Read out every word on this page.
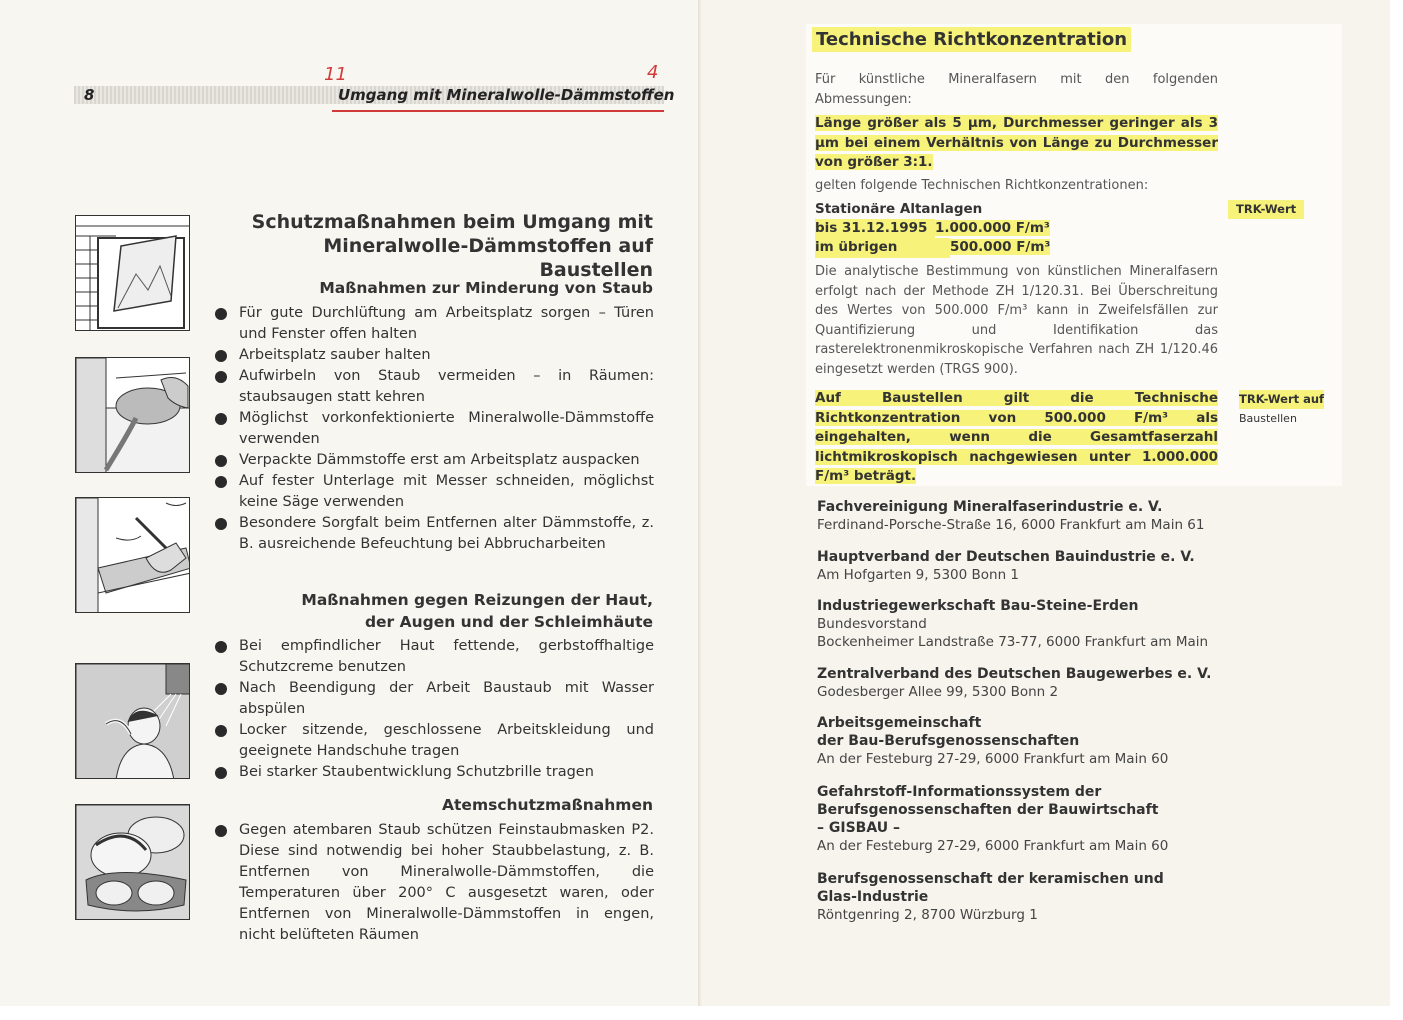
8	Umgang mit Mineralwolle-Dämmstoffen
11	4
Schutzmaßnahmen beim Umgang mit
Mineralwolle-Dämmstoffen auf Baustellen
Maßnahmen zur Minderung von Staub
Für gute Durchlüftung am Arbeitsplatz sorgen – Türen und Fenster offen halten
Arbeitsplatz sauber halten
Aufwirbeln von Staub vermeiden – in Räumen: staubsaugen statt kehren
Möglichst vorkonfektionierte Mineralwolle-Dämmstoffe verwenden
Verpackte Dämmstoffe erst am Arbeitsplatz auspacken
Auf fester Unterlage mit Messer schneiden, möglichst keine Säge verwenden
Besondere Sorgfalt beim Entfernen alter Dämmstoffe, z. B. ausreichende Befeuchtung bei Abbrucharbeiten
Maßnahmen gegen Reizungen der Haut,
der Augen und der Schleimhäute
Bei empfindlicher Haut fettende, gerbstoffhaltige Schutzcreme benutzen
Nach Beendigung der Arbeit Baustaub mit Wasser abspülen
Locker sitzende, geschlossene Arbeitskleidung und geeignete Handschuhe tragen
Bei starker Staubentwicklung Schutzbrille tragen
Atemschutzmaßnahmen
Gegen atembaren Staub schützen Feinstaubmasken P2. Diese sind notwendig bei hoher Staubbelastung, z. B. Entfernen von Mineralwolle-Dämmstoffen, die Temperaturen über 200° C ausgesetzt waren, oder Entfernen von Mineralwolle-Dämmstoffen in engen, nicht belüfteten Räumen
Technische Richtkonzentration
Für künstliche Mineralfasern mit den folgenden Abmessungen:
Länge größer als 5 µm, Durchmesser geringer als 3 µm bei einem Verhältnis von Länge zu Durchmesser von größer 3:1.
gelten folgende Technischen Richtkonzentrationen:
Stationäre Altanlagen
bis 31.12.1995 1.000.000 F/m³
im übrigen	500.000 F/m³
TRK-Wert
Die analytische Bestimmung von künstlichen Mineralfasern erfolgt nach der Methode ZH 1/120.31. Bei Überschreitung des Wertes von 500.000 F/m³ kann in Zweifelsfällen zur Quantifizierung und Identifikation das rasterelektronenmikroskopische Verfahren nach ZH 1/120.46 eingesetzt werden (TRGS 900).
Auf Baustellen gilt die Technische Richtkonzentration von 500.000 F/m³ als eingehalten, wenn die Gesamtfaserzahl lichtmikroskopisch nachgewiesen unter 1.000.000 F/m³ beträgt.
TRK-Wert auf
Baustellen
Fachvereinigung Mineralfaserindustrie e. V.
Ferdinand-Porsche-Straße 16, 6000 Frankfurt am Main 61
Hauptverband der Deutschen Bauindustrie e. V.
Am Hofgarten 9, 5300 Bonn 1
Industriegewerkschaft Bau-Steine-Erden
Bundesvorstand
Bockenheimer Landstraße 73-77, 6000 Frankfurt am Main
Zentralverband des Deutschen Baugewerbes e. V.
Godesberger Allee 99, 5300 Bonn 2
Arbeitsgemeinschaft
der Bau-Berufsgenossenschaften
An der Festeburg 27-29, 6000 Frankfurt am Main 60
Gefahrstoff-Informationssystem der
Berufsgenossenschaften der Bauwirtschaft
– GISBAU –
An der Festeburg 27-29, 6000 Frankfurt am Main 60
Berufsgenossenschaft der keramischen und
Glas-Industrie
Röntgenring 2, 8700 Würzburg 1
